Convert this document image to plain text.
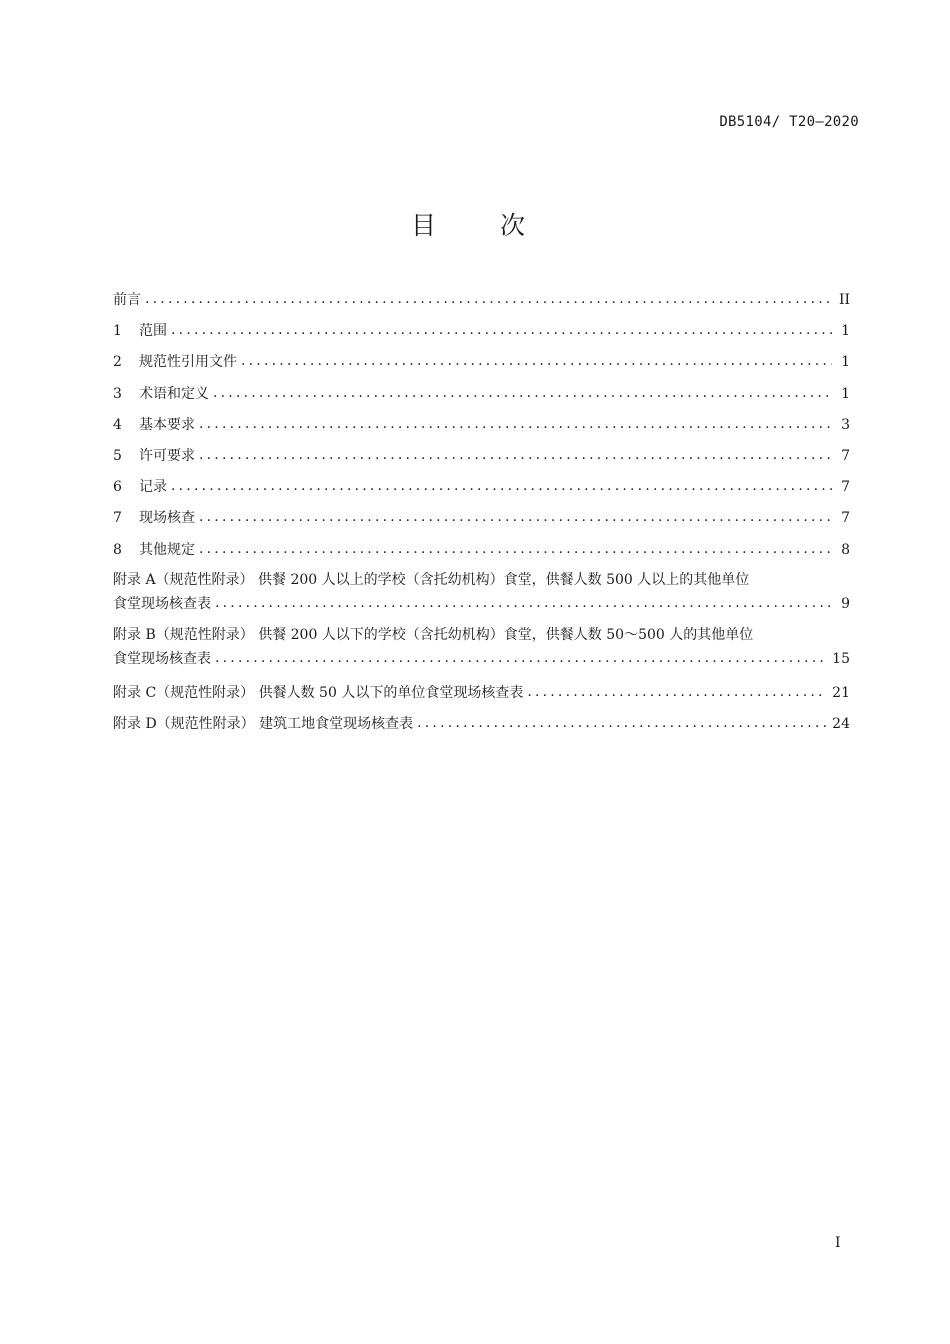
DB5104/ T20—2020
目 次
前言 .....	II
1	范围 .....	1
2	规范性引用文件 .....	1
3	术语和定义 .....	1
4	基本要求 .....	3
5	许可要求 .....	7
6	记录 .....	7
7	现场核查 .....	7
8	其他规定 .....	8
附录 A（规范性附录） 供餐 200 人以上的学校（含托幼机构）食堂，供餐人数 500 人以上的其他单位
食堂现场核查表 .....	9
附录 B（规范性附录） 供餐 200 人以下的学校（含托幼机构）食堂，供餐人数 50～500 人的其他单位
食堂现场核查表 .....	15
附录 C（规范性附录） 供餐人数 50 人以下的单位食堂现场核查表 .....	21
附录 D（规范性附录） 建筑工地食堂现场核查表 .....	24
I
